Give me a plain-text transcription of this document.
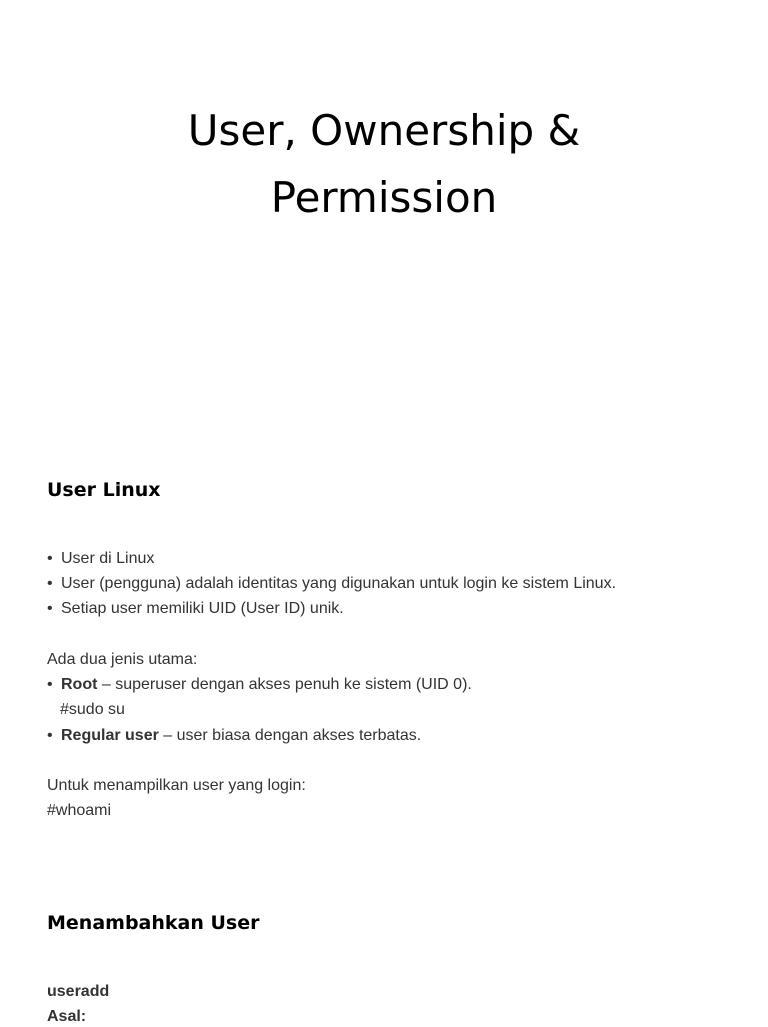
User, Ownership &
Permission
User Linux
• User di Linux
• User (pengguna) adalah identitas yang digunakan untuk login ke sistem Linux.
• Setiap user memiliki UID (User ID) unik.
Ada dua jenis utama:
• Root – superuser dengan akses penuh ke sistem (UID 0).
#sudo su
• Regular user – user biasa dengan akses terbatas.
Untuk menampilkan user yang login:
#whoami
Menambahkan User
useradd
Asal:
